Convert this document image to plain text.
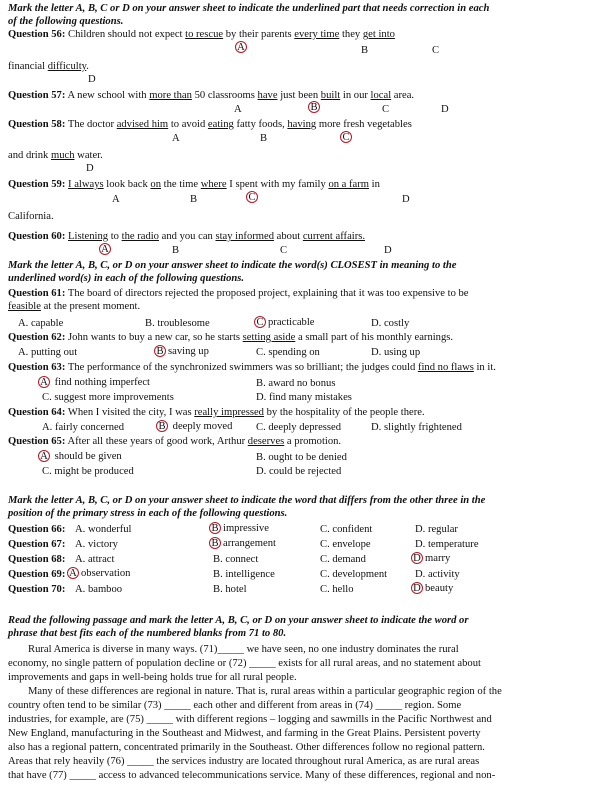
Mark the letter A, B, C or D on your answer sheet to indicate the underlined part that needs correction in each
of the following questions.
Question 56: Children should not expect to rescue by their parents every time they get into
A	B	C
financial difficulty.
D
Question 57: A new school with more than 50 classrooms have just been built in our local area.
A	B	C	D
Question 58: The doctor advised him to avoid eating fatty foods, having more fresh vegetables
A	B	C
and drink much water.
D
Question 59: I always look back on the time where I spent with my family on a farm in
A	B	C	D
California.
Question 60: Listening to the radio and you can stay informed about current affairs.
A	B	C	D
Mark the letter A, B, C, or D on your answer sheet to indicate the word(s) CLOSEST in meaning to the
underlined word(s) in each of the following questions.
Question 61: The board of directors rejected the proposed project, explaining that it was too expensive to be
feasible at the present moment.
A. capable	B. troublesome	C practicable	D. costly
Question 62: John wants to buy a new car, so he starts setting aside a small part of his monthly earnings.
A. putting out	B saving up	C. spending on	D. using up
Question 63: The performance of the synchronized swimmers was so brilliant; the judges could find no flaws in it.
A find nothing imperfect	B. award no bonus
C. suggest more improvements	D. find many mistakes
Question 64: When I visited the city, I was really impressed by the hospitality of the people there.
A. fairly concerned	B deeply moved C. deeply depressed	D. slightly frightened
Question 65: After all these years of good work, Arthur deserves a promotion.
A should be given	B. ought to be denied
C. might be produced	D. could be rejected
Mark the letter A, B, C, or D on your answer sheet to indicate the word that differs from the other three in the
position of the primary stress in each of the following questions.
Question 66: A. wonderful	B impressive	C. confident	D. regular
Question 67: A. victory	B arrangement	C. envelope	D. temperature
Question 68: A. attract	B. connect	C. demand	D marry
Question 69: A observation	B. intelligence	C. development	D. activity
Question 70: A. bamboo	B. hotel	C. hello	D beauty
Read the following passage and mark the letter A, B, C, or D on your answer sheet to indicate the word or
phrase that best fits each of the numbered blanks from 71 to 80.
Rural America is diverse in many ways. (71)_____ we have seen, no one industry dominates the rural
economy, no single pattern of population decline or (72) _____ exists for all rural areas, and no statement about
improvements and gaps in well-being holds true for all rural people.
Many of these differences are regional in nature. That is, rural areas within a particular geographic region of the
country often tend to be similar (73) _____ each other and different from areas in (74) _____ region. Some
industries, for example, are (75) _____ with different regions – logging and sawmills in the Pacific Northwest and
New England, manufacturing in the Southeast and Midwest, and farming in the Great Plains. Persistent poverty
also has a regional pattern, concentrated primarily in the Southeast. Other differences follow no regional pattern.
Areas that rely heavily (76) _____ the services industry are located throughout rural America, as are rural areas
that have (77) _____ access to advanced telecommunications service. Many of these differences, regional and non-
